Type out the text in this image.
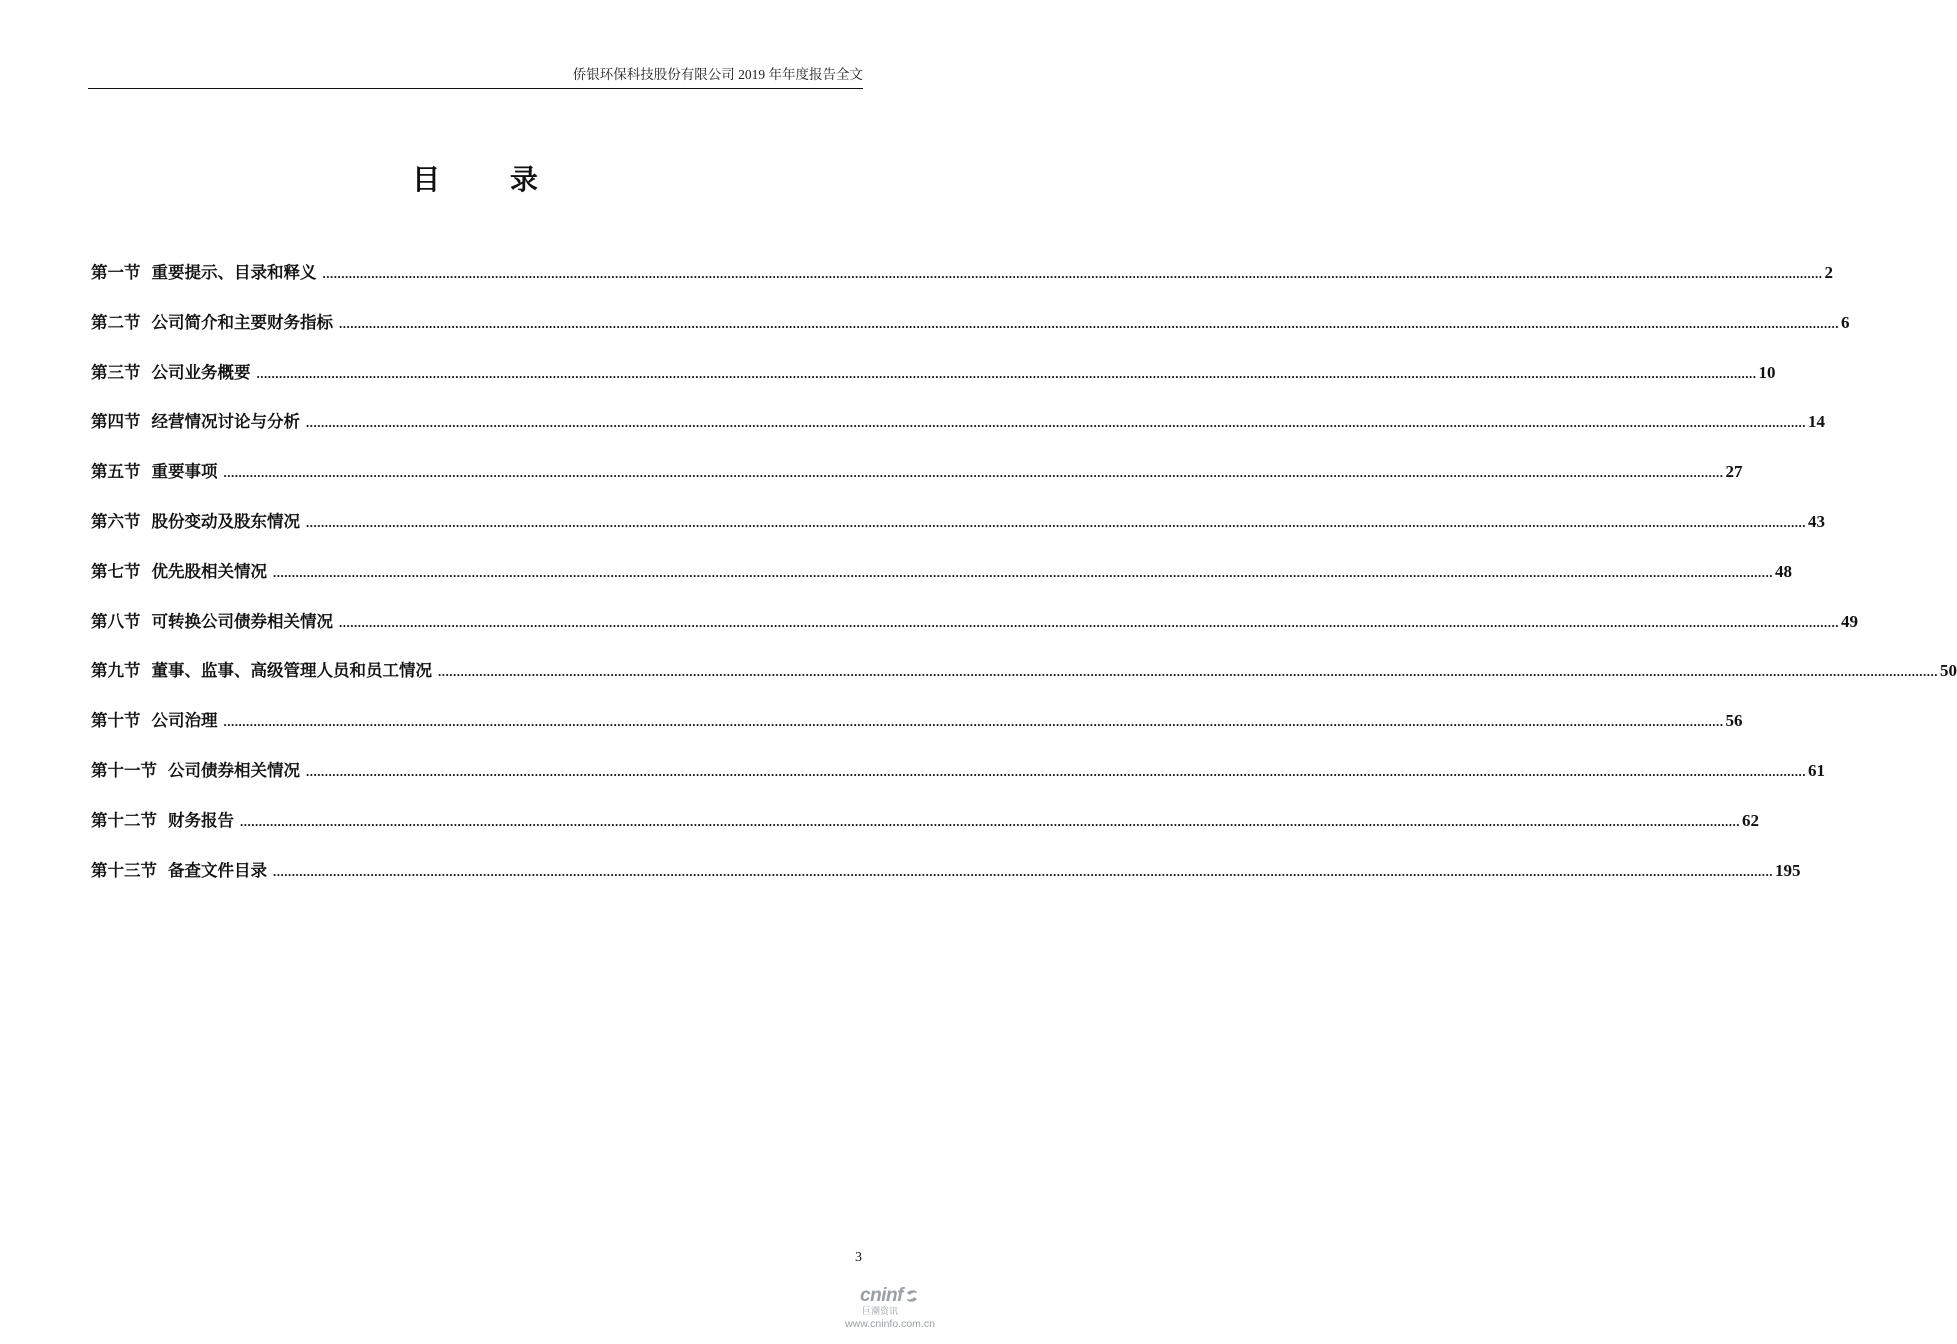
侨银环保科技股份有限公司 2019 年年度报告全文
目 录
第一节 重要提示、目录和释义 ................................................................................................................................................................................................................................................................................................................................................................................................................ 2
第二节 公司简介和主要财务指标 ................................................................................................................................................................................................................................................................................................................................................................................................................ 6
第三节 公司业务概要 ................................................................................................................................................................................................................................................................................................................................................................................................................ 10
第四节 经营情况讨论与分析 ................................................................................................................................................................................................................................................................................................................................................................................................................ 14
第五节 重要事项 ................................................................................................................................................................................................................................................................................................................................................................................................................ 27
第六节 股份变动及股东情况 ................................................................................................................................................................................................................................................................................................................................................................................................................ 43
第七节 优先股相关情况 ................................................................................................................................................................................................................................................................................................................................................................................................................ 48
第八节 可转换公司债券相关情况 ................................................................................................................................................................................................................................................................................................................................................................................................................ 49
第九节 董事、监事、高级管理人员和员工情况 ................................................................................................................................................................................................................................................................................................................................................................................................................ 50
第十节 公司治理 ................................................................................................................................................................................................................................................................................................................................................................................................................ 56
第十一节 公司债券相关情况 ................................................................................................................................................................................................................................................................................................................................................................................................................ 61
第十二节 财务报告 ................................................................................................................................................................................................................................................................................................................................................................................................................ 62
第十三节 备查文件目录 ................................................................................................................................................................................................................................................................................................................................................................................................................ 195
3
cninf
巨潮资讯
www.cninfo.com.cn
